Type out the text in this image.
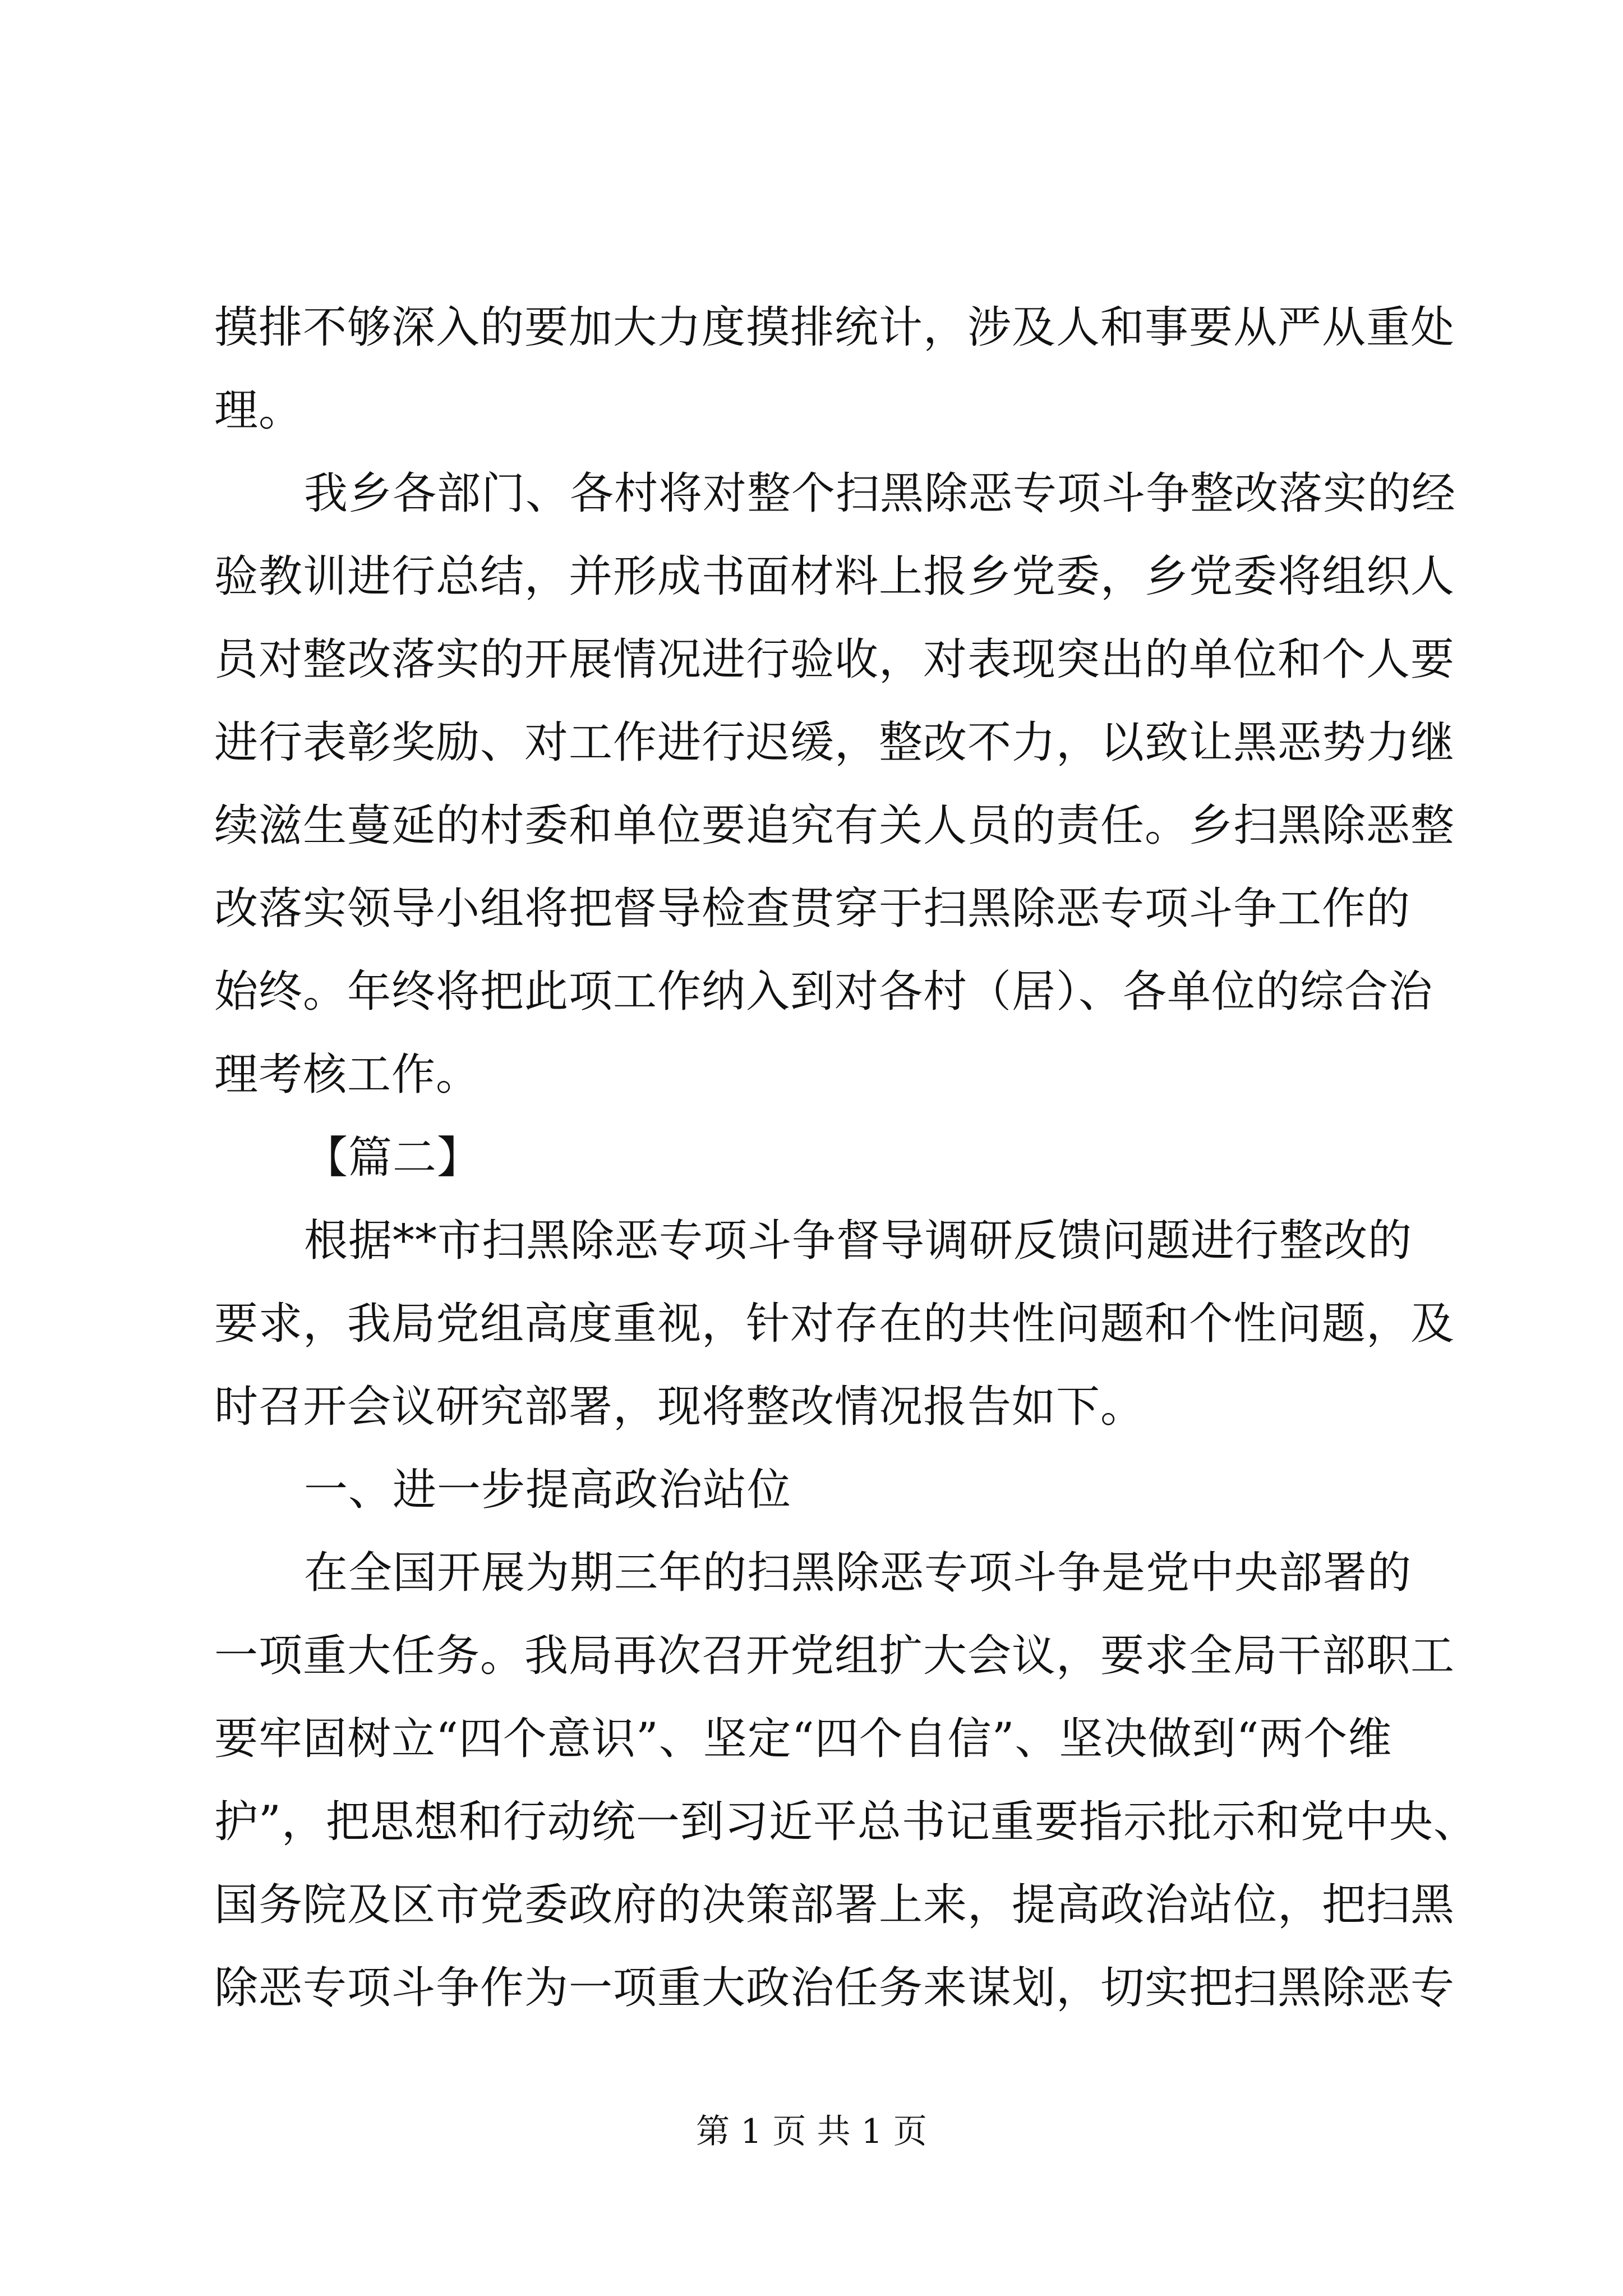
摸排不够深入的要加大力度摸排统计，涉及人和事要从严从重处
理。
我乡各部门、各村将对整个扫黑除恶专项斗争整改落实的经
验教训进行总结，并形成书面材料上报乡党委，乡党委将组织人
员对整改落实的开展情况进行验收，对表现突出的单位和个人要
进行表彰奖励、对工作进行迟缓，整改不力，以致让黑恶势力继
续滋生蔓延的村委和单位要追究有关人员的责任。乡扫黑除恶整
改落实领导小组将把督导检查贯穿于扫黑除恶专项斗争工作的
始终。年终将把此项工作纳入到对各村（居）、各单位的综合治
理考核工作。
【篇二】
根据**市扫黑除恶专项斗争督导调研反馈问题进行整改的
要求，我局党组高度重视，针对存在的共性问题和个性问题，及
时召开会议研究部署，现将整改情况报告如下。
一、进一步提高政治站位
在全国开展为期三年的扫黑除恶专项斗争是党中央部署的
一项重大任务。我局再次召开党组扩大会议，要求全局干部职工
要牢固树立“四个意识”、坚定“四个自信”、坚决做到“两个维
护”，把思想和行动统一到习近平总书记重要指示批示和党中央、
国务院及区市党委政府的决策部署上来，提高政治站位，把扫黑
除恶专项斗争作为一项重大政治任务来谋划，切实把扫黑除恶专
第 1 页 共 1 页
